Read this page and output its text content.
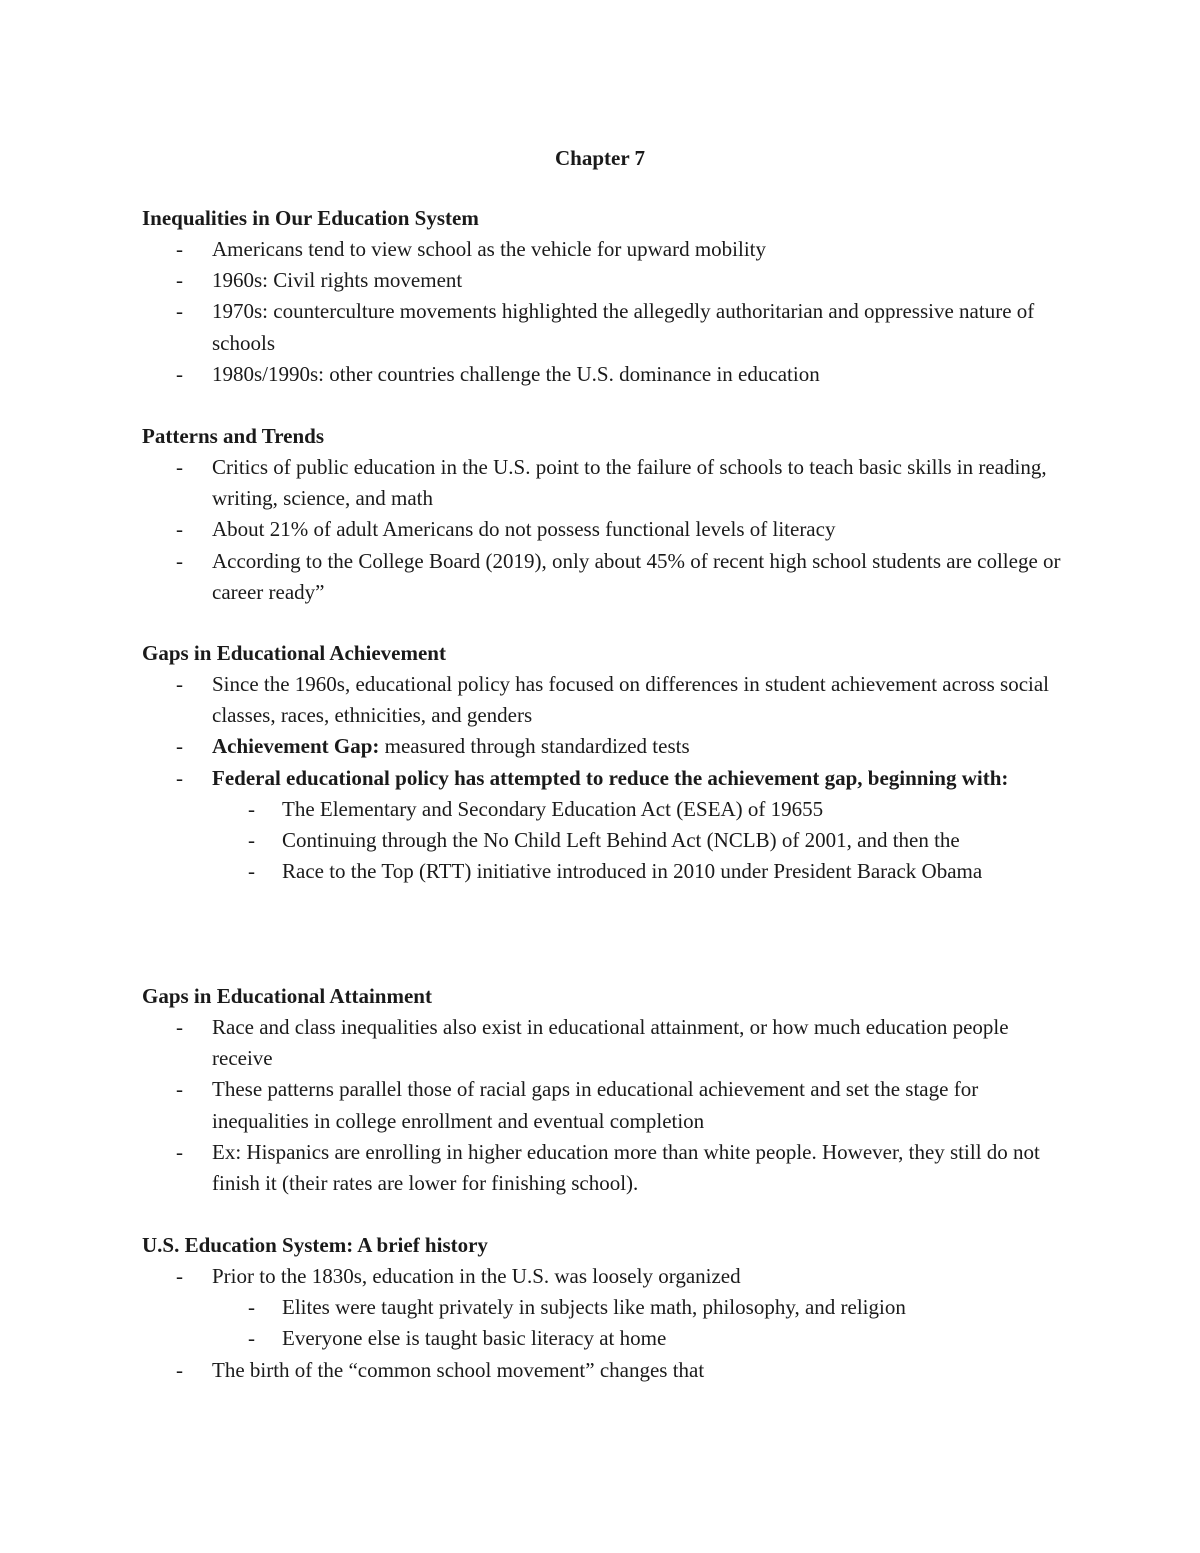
Chapter 7
Inequalities in Our Education System
- Americans tend to view school as the vehicle for upward mobility
- 1960s: Civil rights movement
- 1970s: counterculture movements highlighted the allegedly authoritarian and oppressive nature of schools
- 1980s/1990s: other countries challenge the U.S. dominance in education
Patterns and Trends
- Critics of public education in the U.S. point to the failure of schools to teach basic skills in reading, writing, science, and math
- About 21% of adult Americans do not possess functional levels of literacy
- According to the College Board (2019), only about 45% of recent high school students are college or career ready”
Gaps in Educational Achievement
- Since the 1960s, educational policy has focused on differences in student achievement across social classes, races, ethnicities, and genders
- Achievement Gap: measured through standardized tests
- Federal educational policy has attempted to reduce the achievement gap, beginning with:
- The Elementary and Secondary Education Act (ESEA) of 19655
- Continuing through the No Child Left Behind Act (NCLB) of 2001, and then the
- Race to the Top (RTT) initiative introduced in 2010 under President Barack Obama
Gaps in Educational Attainment
- Race and class inequalities also exist in educational attainment, or how much education people receive
- These patterns parallel those of racial gaps in educational achievement and set the stage for inequalities in college enrollment and eventual completion
- Ex: Hispanics are enrolling in higher education more than white people. However, they still do not finish it (their rates are lower for finishing school).
U.S. Education System: A brief history
- Prior to the 1830s, education in the U.S. was loosely organized
- Elites were taught privately in subjects like math, philosophy, and religion
- Everyone else is taught basic literacy at home
- The birth of the “common school movement” changes that
